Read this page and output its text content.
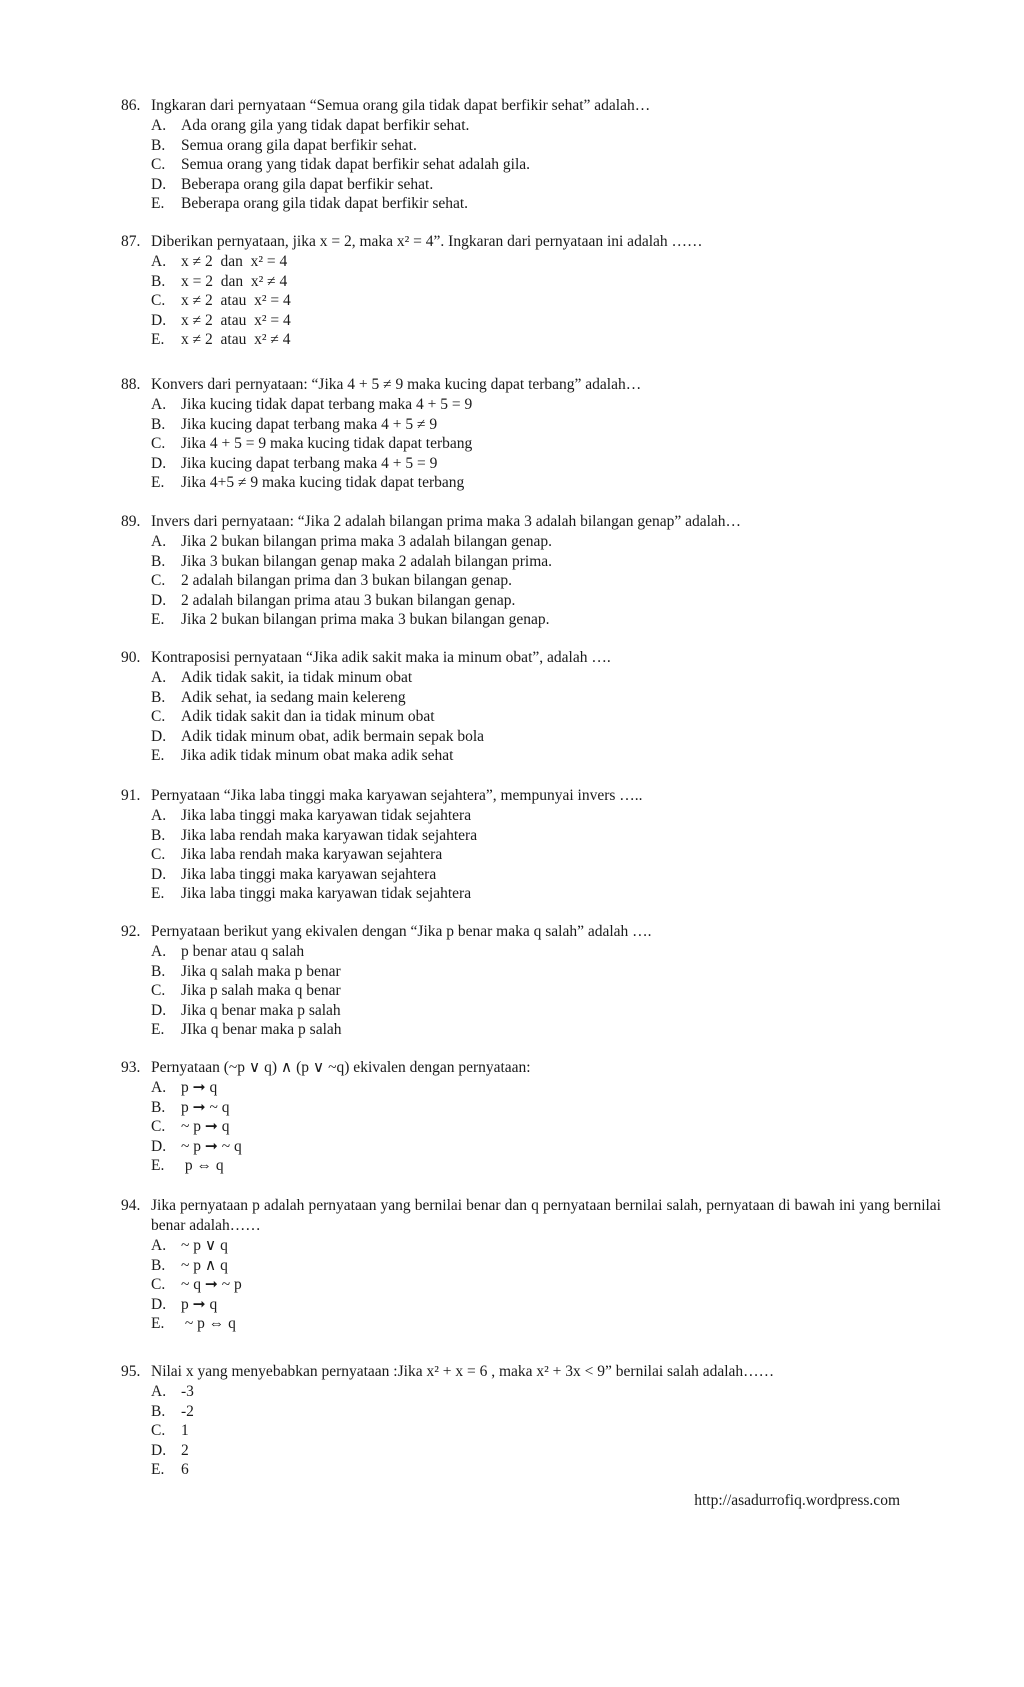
86. Ingkaran dari pernyataan “Semua orang gila tidak dapat berfikir sehat” adalah…
A. Ada orang gila yang tidak dapat berfikir sehat.
B.	Semua orang gila dapat berfikir sehat.
C.	Semua orang yang tidak dapat berfikir sehat adalah gila.
D. Beberapa orang gila dapat berfikir sehat.
E.	Beberapa orang gila tidak dapat berfikir sehat.
87. Diberikan pernyataan, jika x = 2, maka x² = 4”. Ingkaran dari pernyataan ini adalah ……
A. x ≠ 2  dan  x² = 4
B.	x = 2  dan  x² ≠ 4
C.	x ≠ 2  atau  x² = 4
D. x ≠ 2  atau  x² = 4
E.	x ≠ 2  atau  x² ≠ 4
88. Konvers dari pernyataan: “Jika 4 + 5 ≠ 9 maka kucing dapat terbang” adalah…
A. Jika kucing tidak dapat terbang maka 4 + 5 = 9
B.	Jika kucing dapat terbang maka 4 + 5 ≠ 9
C.	Jika 4 + 5 = 9 maka kucing tidak dapat terbang
D. Jika kucing dapat terbang maka 4 + 5 = 9
E.	Jika 4+5 ≠ 9 maka kucing tidak dapat terbang
89. Invers dari pernyataan: “Jika 2 adalah bilangan prima maka 3 adalah bilangan genap” adalah…
A. Jika 2 bukan bilangan prima maka 3 adalah bilangan genap.
B.	Jika 3 bukan bilangan genap maka 2 adalah bilangan prima.
C.	2 adalah bilangan prima dan 3 bukan bilangan genap.
D. 2 adalah bilangan prima atau 3 bukan bilangan genap.
E.	Jika 2 bukan bilangan prima maka 3 bukan bilangan genap.
90. Kontraposisi pernyataan “Jika adik sakit maka ia minum obat”, adalah ….
A. Adik tidak sakit, ia tidak minum obat
B.	Adik sehat, ia sedang main kelereng
C.	Adik tidak sakit dan ia tidak minum obat
D. Adik tidak minum obat, adik bermain sepak bola
E.	Jika adik tidak minum obat maka adik sehat
91. Pernyataan “Jika laba tinggi maka karyawan sejahtera”, mempunyai invers …..
A. Jika laba tinggi maka karyawan tidak sejahtera
B.	Jika laba rendah maka karyawan tidak sejahtera
C.	Jika laba rendah maka karyawan sejahtera
D. Jika laba tinggi maka karyawan sejahtera
E.	Jika laba tinggi maka karyawan tidak sejahtera
92. Pernyataan berikut yang ekivalen dengan “Jika p benar maka q salah” adalah ….
A. p benar atau q salah
B.	Jika q salah maka p benar
C.	Jika p salah maka q benar
D. Jika q benar maka p salah
E.	JIka q benar maka p salah
93. Pernyataan (~p ∨ q) ∧ (p ∨ ~q) ekivalen dengan pernyataan:
A. p ➞ q
B.	p ➞ ~ q
C.	~ p ➞ q
D. ~ p ➞ ~ q
E.	p ⇔ q
94. Jika pernyataan p adalah pernyataan yang bernilai benar dan q pernyataan bernilai salah, pernyataan di bawah ini yang bernilai benar adalah……
A. ~ p ∨ q
B.	~ p ∧ q
C.	~ q ➞ ~ p
D. p ➞ q
E.	~ p ⇔ q
95. Nilai x yang menyebabkan pernyataan :Jika x² + x = 6 , maka x² + 3x < 9” bernilai salah adalah……
A. -3
B.	-2
C.	1
D. 2
E.	6
http://asadurrofiq.wordpress.com
